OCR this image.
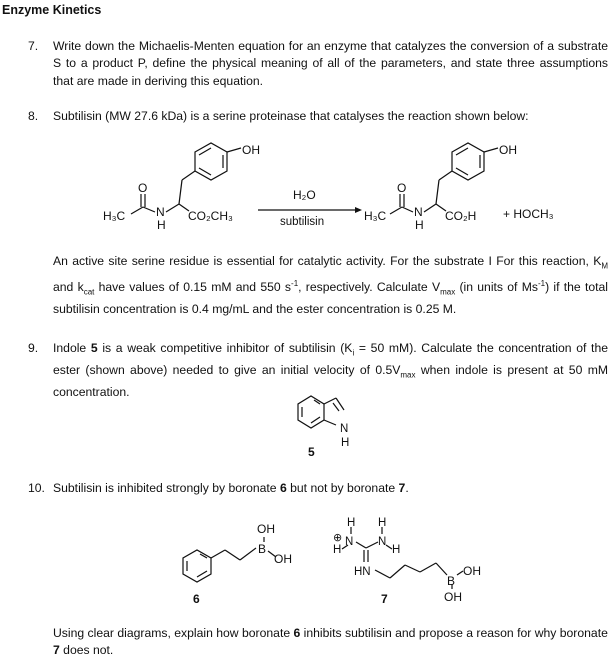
Enzyme Kinetics
7. Write down the Michaelis-Menten equation for an enzyme that catalyzes the conversion of a substrate S to a product P, define the physical meaning of all of the parameters, and state three assumptions that are made in deriving this equation.
8. Subtilisin (MW 27.6 kDa) is a serine proteinase that catalyses the reaction shown below:
OH
O
H₃C	N
H
CO₂CH₃
H₂O
subtilisin
OH
O
H₃C N
H
CO₂H + HOCH₃
N
H
5
OH
B
OH
6
⊕
H
N
H
H
N
H
HN
B
OH
OH
7
An active site serine residue is essential for catalytic activity. For the substrate I For this reaction, $K_M$ and $k_{cat}$ have values of 0.15 mM and 550 $s^{-1}$, respectively. Calculate $V_{max}$ (in units of $Ms^{-1}$) if the total subtilisin concentration is 0.4 mg/mL and the ester concentration is 0.25 M.
9. Indole 5 is a weak competitive inhibitor of subtilisin ($K_i = 50$ mM). Calculate the concentration of the ester (shown above) needed to give an initial velocity of $0.5V_{max}$ when indole is present at 50 mM concentration.
10. Subtilisin is inhibited strongly by boronate 6 but not by boronate 7.
Using clear diagrams, explain how boronate 6 inhibits subtilisin and propose a reason for why boronate 7 does not.
